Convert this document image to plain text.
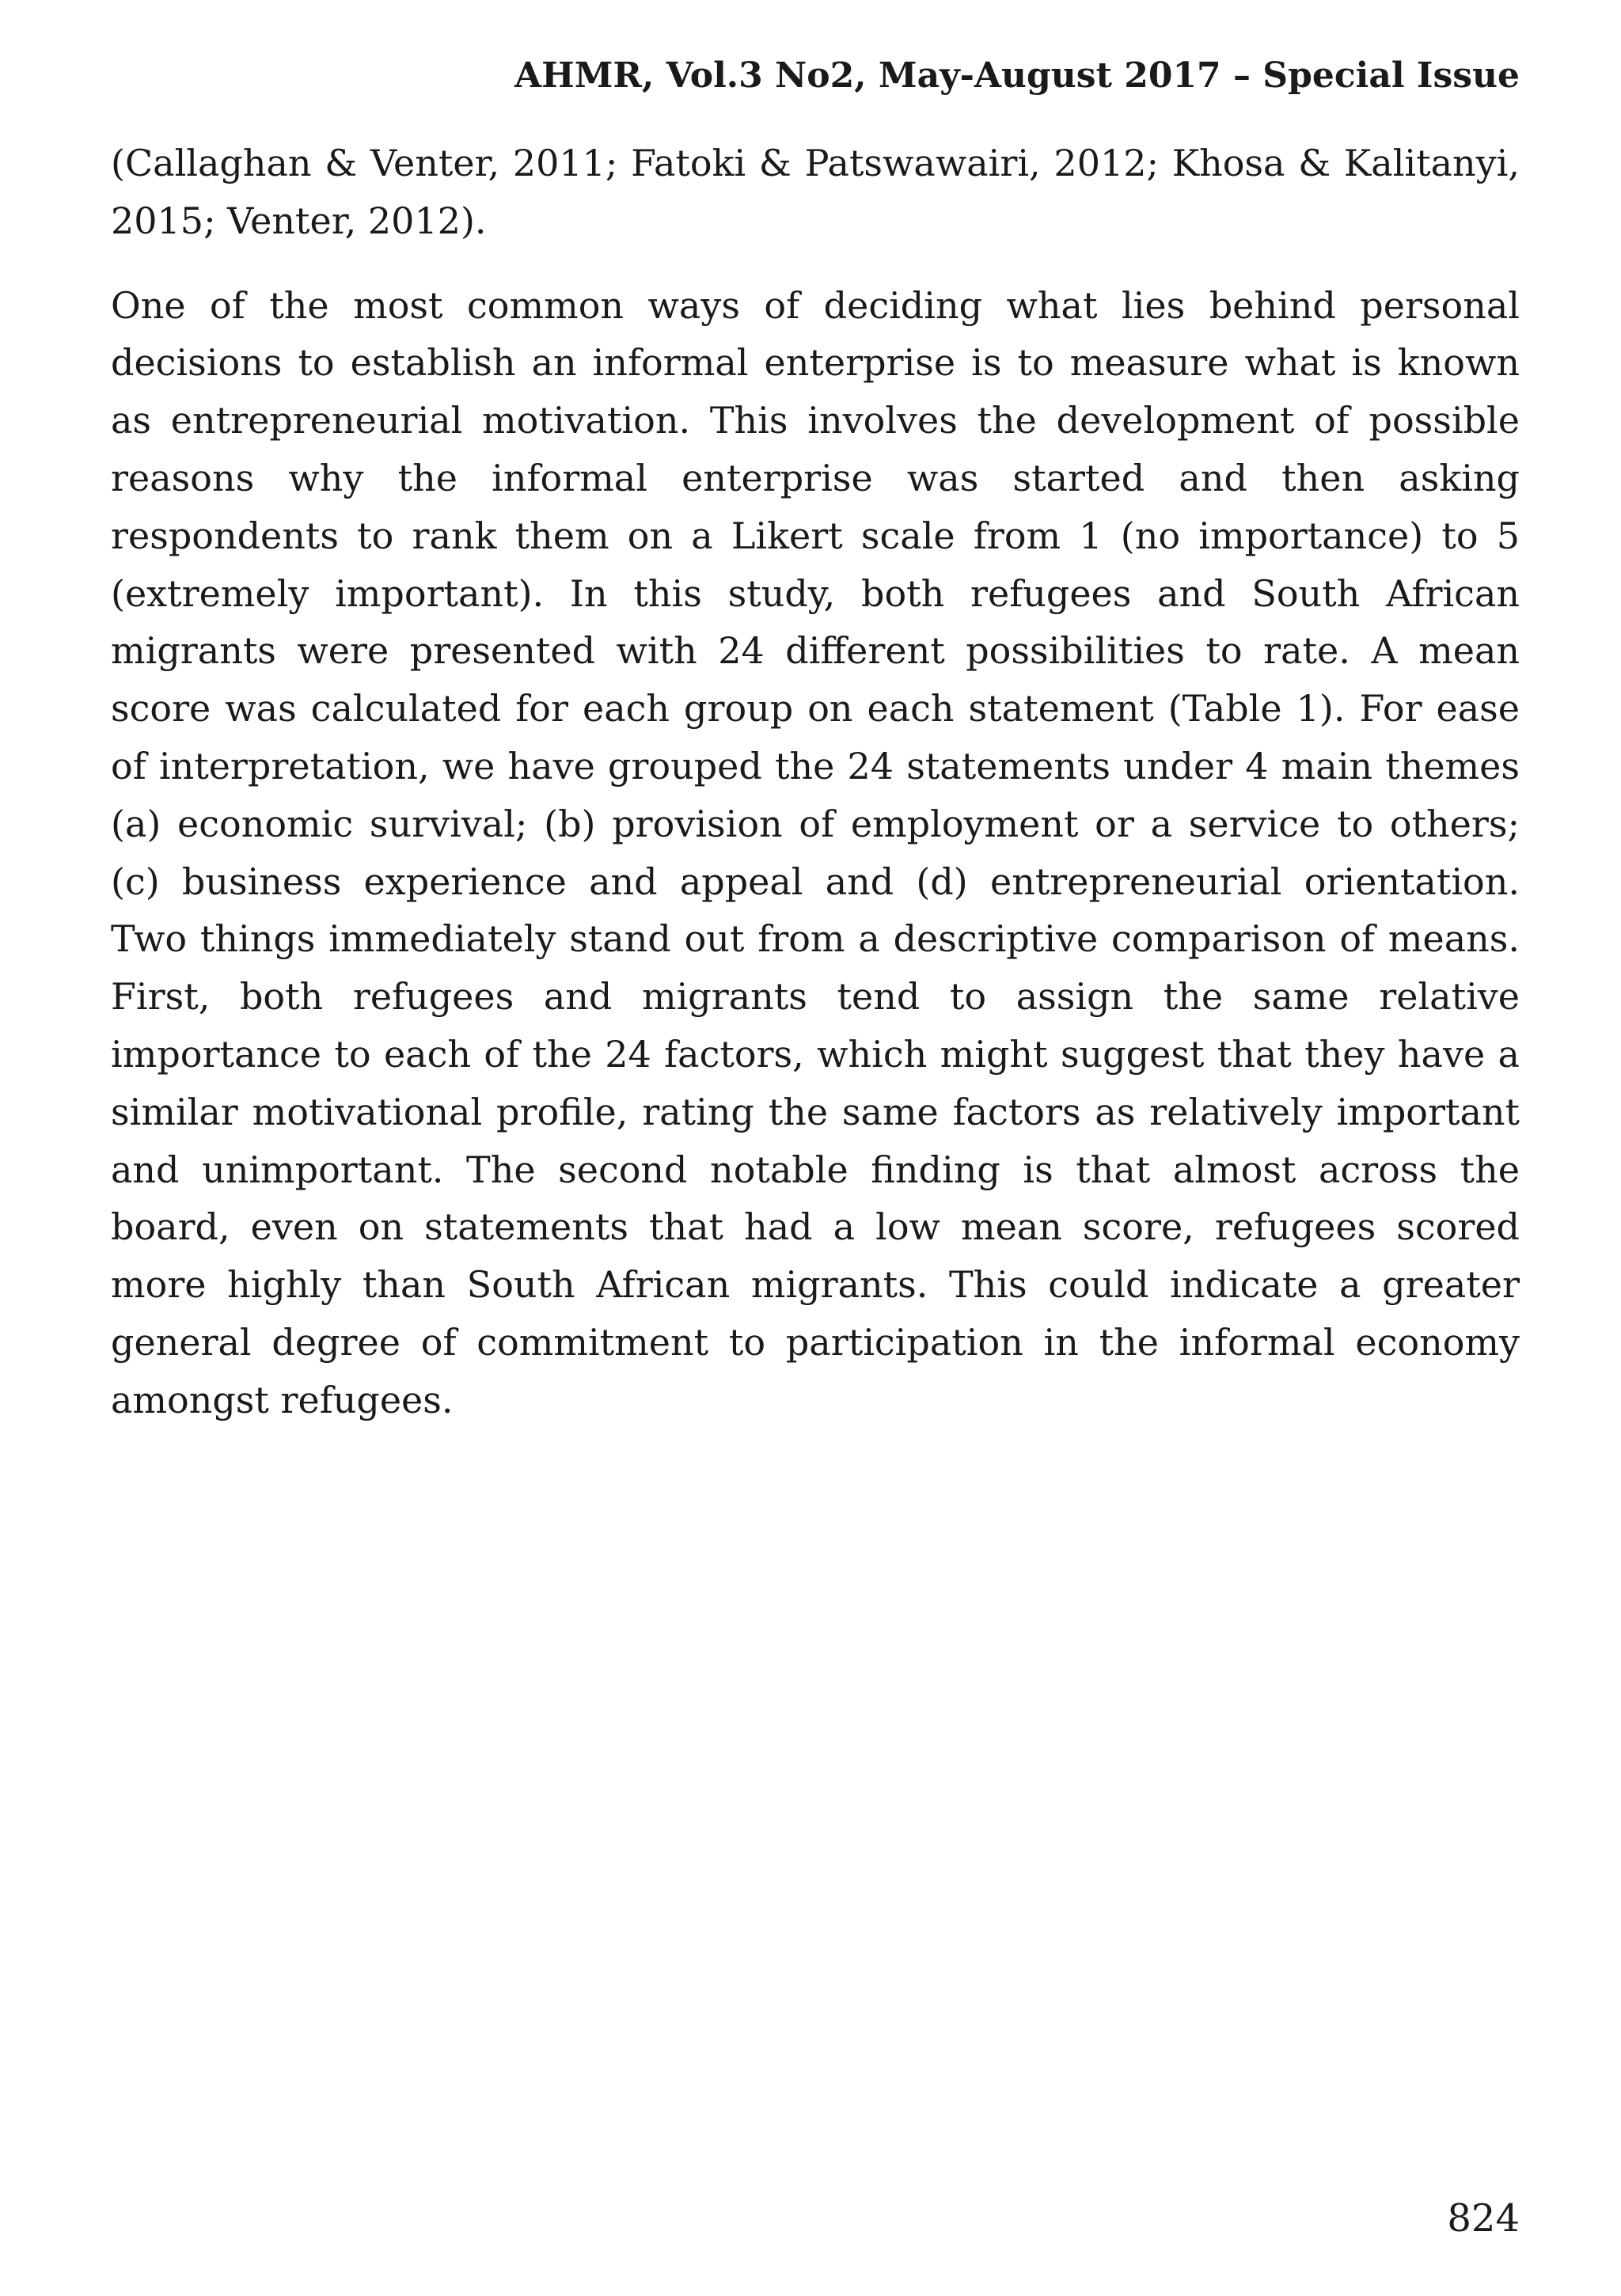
AHMR, Vol.3 No2, May-August 2017 – Special Issue

(Callaghan & Venter, 2011; Fatoki & Patswawairi, 2012; Khosa & Kalitanyi, 2015; Venter, 2012).

One of the most common ways of deciding what lies behind personal decisions to establish an informal enterprise is to measure what is known as entrepreneurial motivation. This involves the development of possible reasons why the informal enterprise was started and then asking respondents to rank them on a Likert scale from 1 (no importance) to 5 (extremely important). In this study, both refugees and South African migrants were presented with 24 different possibilities to rate. A mean score was calculated for each group on each statement (Table 1). For ease of interpretation, we have grouped the 24 statements under 4 main themes (a) economic survival; (b) provision of employment or a service to others; (c) business experience and appeal and (d) entrepreneurial orientation. Two things immediately stand out from a descriptive comparison of means. First, both refugees and migrants tend to assign the same relative importance to each of the 24 factors, which might suggest that they have a similar motivational profile, rating the same factors as relatively important and unimportant. The second notable finding is that almost across the board, even on statements that had a low mean score, refugees scored more highly than South African migrants. This could indicate a greater general degree of commitment to participation in the informal economy amongst refugees.

824
